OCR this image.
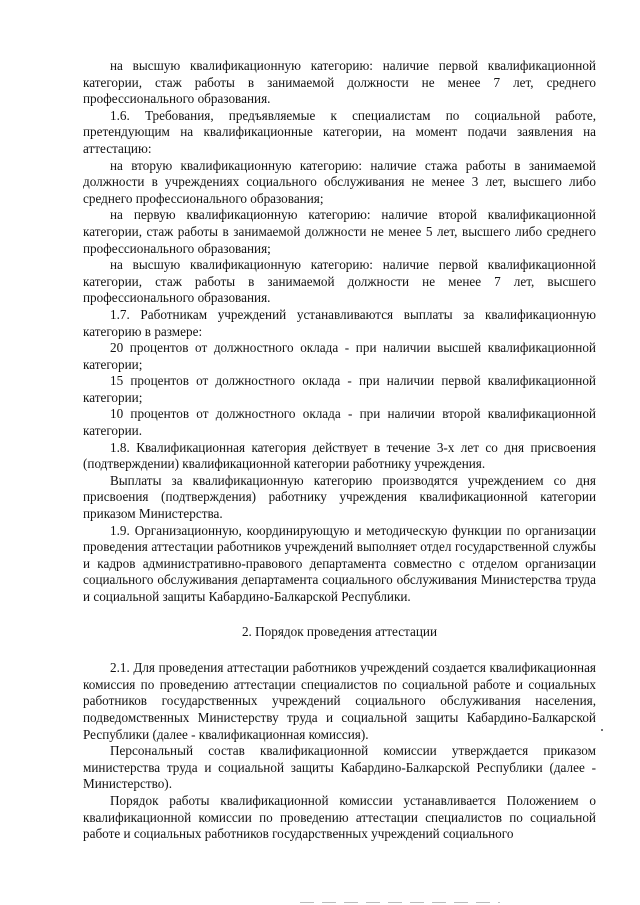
на высшую квалификационную категорию: наличие первой квалификационной категории, стаж работы в занимаемой должности не менее 7 лет, среднего профессионального образования.

1.6. Требования, предъявляемые к специалистам по социальной работе, претендующим на квалификационные категории, на момент подачи заявления на аттестацию:

на вторую квалификационную категорию: наличие стажа работы в занимаемой должности в учреждениях социального обслуживания не менее 3 лет, высшего либо среднего профессионального образования;

на первую квалификационную категорию: наличие второй квалификационной категории, стаж работы в занимаемой должности не менее 5 лет, высшего либо среднего профессионального образования;

на высшую квалификационную категорию: наличие первой квалификационной категории, стаж работы в занимаемой должности не менее 7 лет, высшего профессионального образования.

1.7. Работникам учреждений устанавливаются выплаты за квалификационную категорию в размере:

20 процентов от должностного оклада - при наличии высшей квалификационной категории;

15 процентов от должностного оклада - при наличии первой квалификационной категории;

10 процентов от должностного оклада - при наличии второй квалификационной категории.

1.8. Квалификационная категория действует в течение 3-х лет со дня присвоения (подтверждении) квалификационной категории работнику учреждения.

Выплаты за квалификационную категорию производятся учреждением со дня присвоения (подтверждения) работнику учреждения квалификационной категории приказом Министерства.

1.9. Организационную, координирующую и методическую функции по организации проведения аттестации работников учреждений выполняет отдел государственной службы и кадров административно-правового департамента совместно с отделом организации социального обслуживания департамента социального обслуживания Министерства труда и социальной защиты Кабардино-Балкарской Республики.

2. Порядок проведения аттестации

2.1. Для проведения аттестации работников учреждений создается квалификационная комиссия по проведению аттестации специалистов по социальной работе и социальных работников государственных учреждений социального обслуживания населения, подведомственных Министерству труда и социальной защиты Кабардино-Балкарской Республики (далее - квалификационная комиссия).

Персональный состав квалификационной комиссии утверждается приказом министерства труда и социальной защиты Кабардино-Балкарской Республики (далее - Министерство).

Порядок работы квалификационной комиссии устанавливается Положением о квалификационной комиссии по проведению аттестации специалистов по социальной работе и социальных работников государственных учреждений социального
